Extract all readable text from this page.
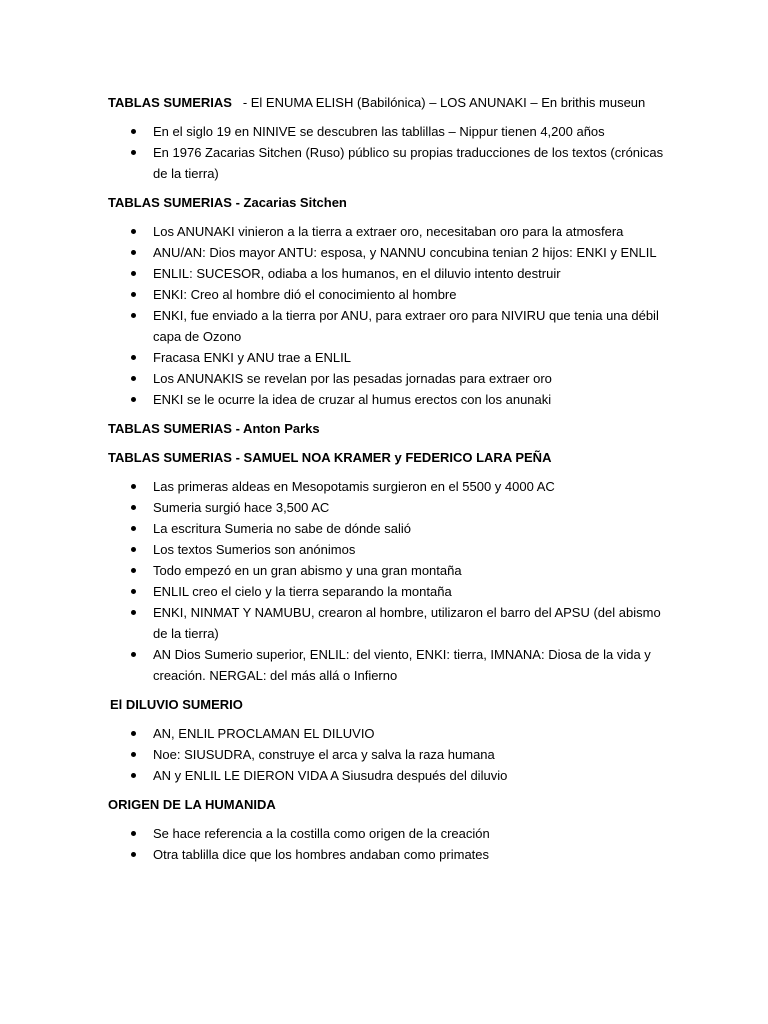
TABLAS SUMERIAS   - El ENUMA ELISH (Babilónica) – LOS ANUNAKI – En brithis museun
En el siglo 19 en NINIVE se descubren las tablillas – Nippur tienen 4,200 años
En 1976 Zacarias Sitchen (Ruso) público su propias traducciones de los textos (crónicas de la tierra)
TABLAS SUMERIAS - Zacarias Sitchen
Los ANUNAKI vinieron a la tierra a extraer oro, necesitaban oro para la atmosfera
ANU/AN: Dios mayor ANTU: esposa, y NANNU concubina tenian 2 hijos: ENKI y ENLIL
ENLIL: SUCESOR, odiaba a los humanos, en el diluvio intento destruir
ENKI: Creo al hombre dió el conocimiento al hombre
ENKI, fue enviado a la tierra por ANU, para extraer oro para NIVIRU que tenia una débil capa de Ozono
Fracasa ENKI y ANU trae a ENLIL
Los ANUNAKIS se revelan por las pesadas jornadas para extraer oro
ENKI se le ocurre la idea de cruzar al humus erectos con los anunaki
TABLAS SUMERIAS - Anton Parks
TABLAS SUMERIAS - SAMUEL NOA KRAMER y FEDERICO LARA PEÑA
Las primeras aldeas en Mesopotamis surgieron en el 5500 y 4000 AC
Sumeria surgió hace 3,500 AC
La escritura Sumeria no sabe de dónde salió
Los textos Sumerios son anónimos
Todo empezó en un gran abismo y una gran montaña
ENLIL creo el cielo y la tierra separando la montaña
ENKI, NINMAT Y NAMUBU, crearon al hombre, utilizaron el barro del APSU (del abismo de la tierra)
AN Dios Sumerio superior, ENLIL: del viento, ENKI: tierra, IMNANA: Diosa de la vida y creación. NERGAL: del más allá o Infierno
El DILUVIO SUMERIO
AN, ENLIL PROCLAMAN EL DILUVIO
Noe: SIUSUDRA, construye el arca y salva la raza humana
AN y ENLIL LE DIERON VIDA A Siusudra después del diluvio
ORIGEN DE LA HUMANIDA
Se hace referencia a la costilla como origen de la creación
Otra tablilla dice que los hombres andaban como primates
